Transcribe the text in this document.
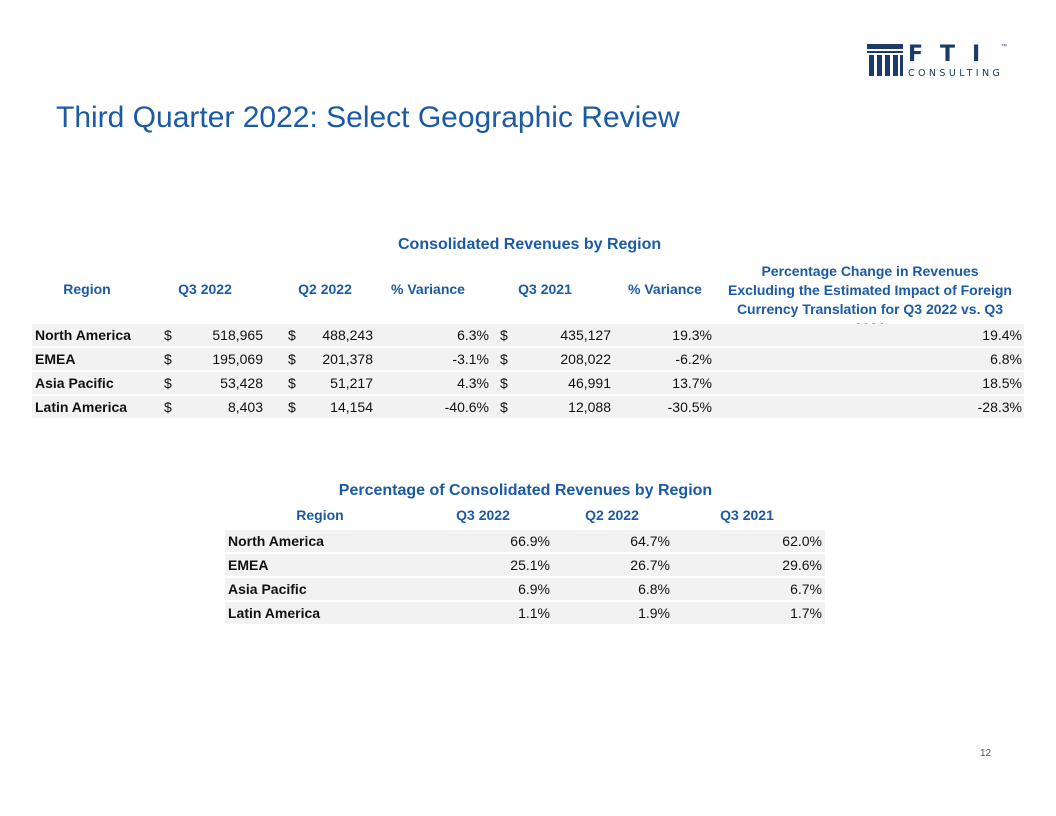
FTI
CONSULTING
™
Third Quarter 2022: Select Geographic Review
Consolidated Revenues by Region
Region	Q3 2022	Q2 2022	% Variance	Q3 2021	% Variance
Percentage Change in Revenues Excluding the Estimated Impact of Foreign Currency Translation for Q3 2022 vs. Q3
North America	$	518,965 $	488,243	6.3% $	435,127	19.3%	19.4%
EMEA	$	195,069 $	201,378	-3.1% $	208,022	-6.2%	6.8%
Asia Pacific	$	53,428 $	51,217	4.3% $	46,991	13.7%	18.5%
Latin America	$	8,403 $	14,154	-40.6% $	12,088	-30.5%	-28.3%
Percentage of Consolidated Revenues by Region
Region	Q3 2022	Q2 2022	Q3 2021
North America	66.9%	64.7%	62.0%
EMEA	25.1%	26.7%	29.6%
Asia Pacific	6.9%	6.8%	6.7%
Latin America	1.1%	1.9%	1.7%
12
